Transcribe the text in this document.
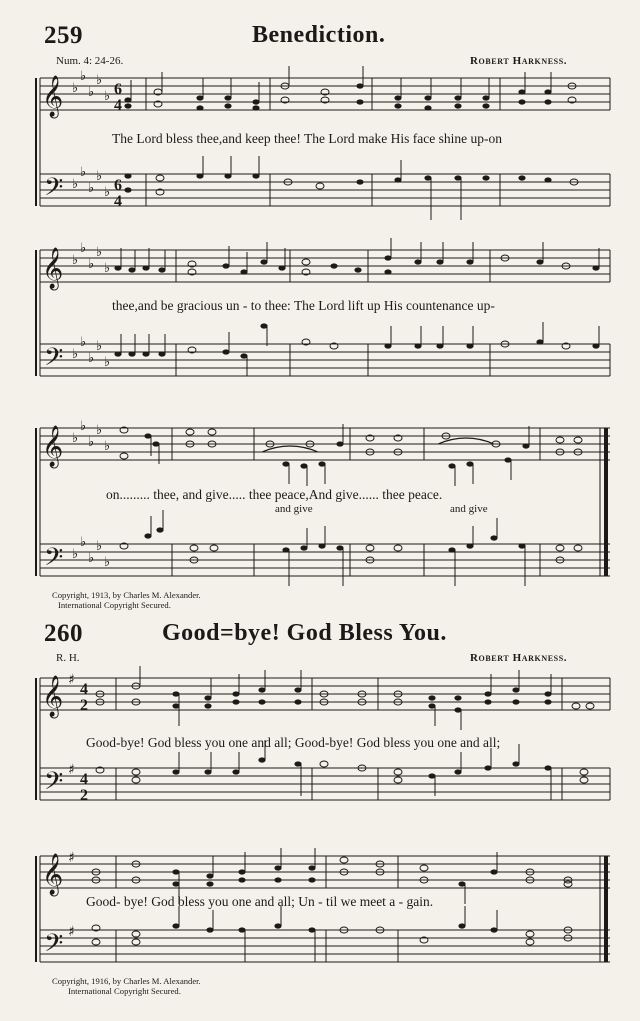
259	Benediction.
Num. 4: 24-26.	Robert Harkness.
𝄞
𝄢
♭
♭
♭
♭
♭
♭
♭
♭
♭
♭
6
4
6
4
The Lord bless thee,and keep thee! The Lord make His face shine up-on
𝄞
𝄢
♭
♭
♭
♭
♭
♭
♭
♭
♭
♭
thee,and be gracious un - to thee: The Lord lift up His countenance up-
𝄞
𝄢
♭
♭
♭
♭
♭
♭
♭
♭
♭
♭
and give	and give
on......... thee, and give..... thee peace,And give...... thee peace.
Copyright, 1913, by Charles M. Alexander.
International Copyright Secured.
260	Good=bye! God Bless You.
R. H.	Robert Harkness.
𝄞
𝄢
♯
♯
4
2
4
2
Good-bye! God bless you one and all; Good-bye! God bless you one and all;
𝄞
𝄢
♯
♯
Good- bye! God bless you one and all; Un - til we meet a - gain.
Copyright, 1916, by Charles M. Alexander.
International Copyright Secured.
